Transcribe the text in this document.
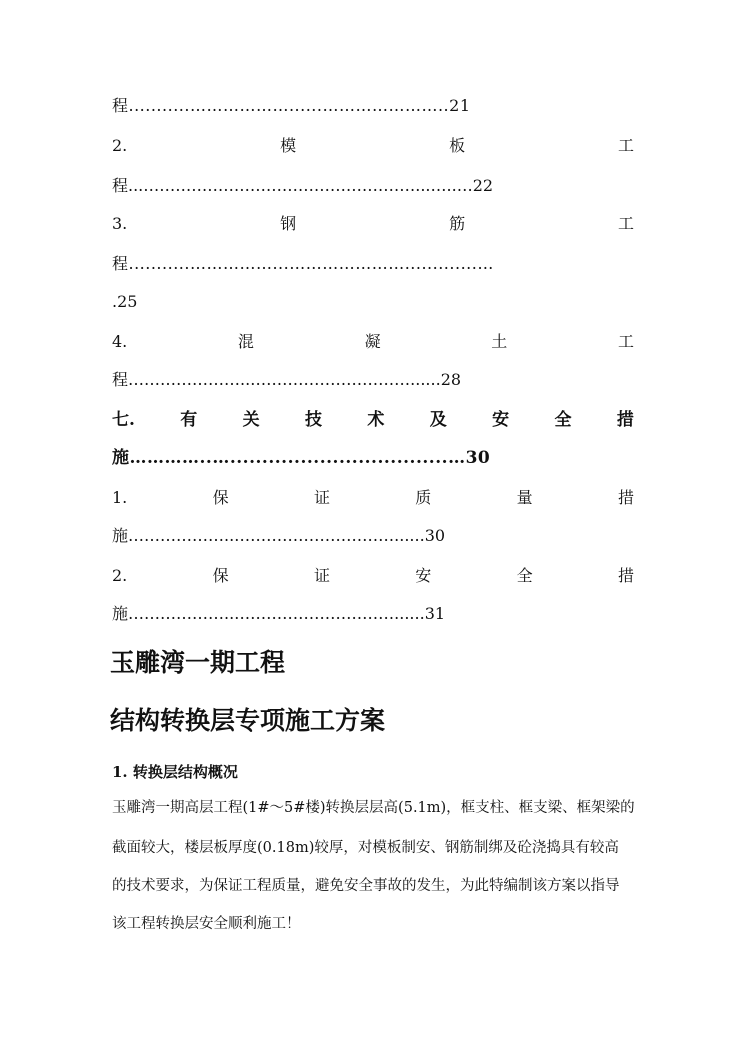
程...........………………......…………………..21
2.	模	板	工
程...……………………………………………...…..…22
3.	钢	筋	工
程...........……………...………………….............…
.25
4.	混	凝	土	工
程…………………..…………………………......28
七.	有	关	技	术	及	安	全	措
施…………..…..................................…30
1.	保	证	质	量	措
施………………..…………………………......30
2.	保	证	安	全	措
施………………..…………………………......31
玉雕湾一期工程
结构转换层专项施工方案
1. 转换层结构概况
玉雕湾一期高层工程(1#～5#楼)转换层层高(5.1m)，框支柱、框支梁、框架梁的
截面较大，楼层板厚度(0.18m)较厚，对模板制安、钢筋制绑及砼浇捣具有较高
的技术要求，为保证工程质量，避免安全事故的发生，为此特编制该方案以指导
该工程转换层安全顺利施工！
